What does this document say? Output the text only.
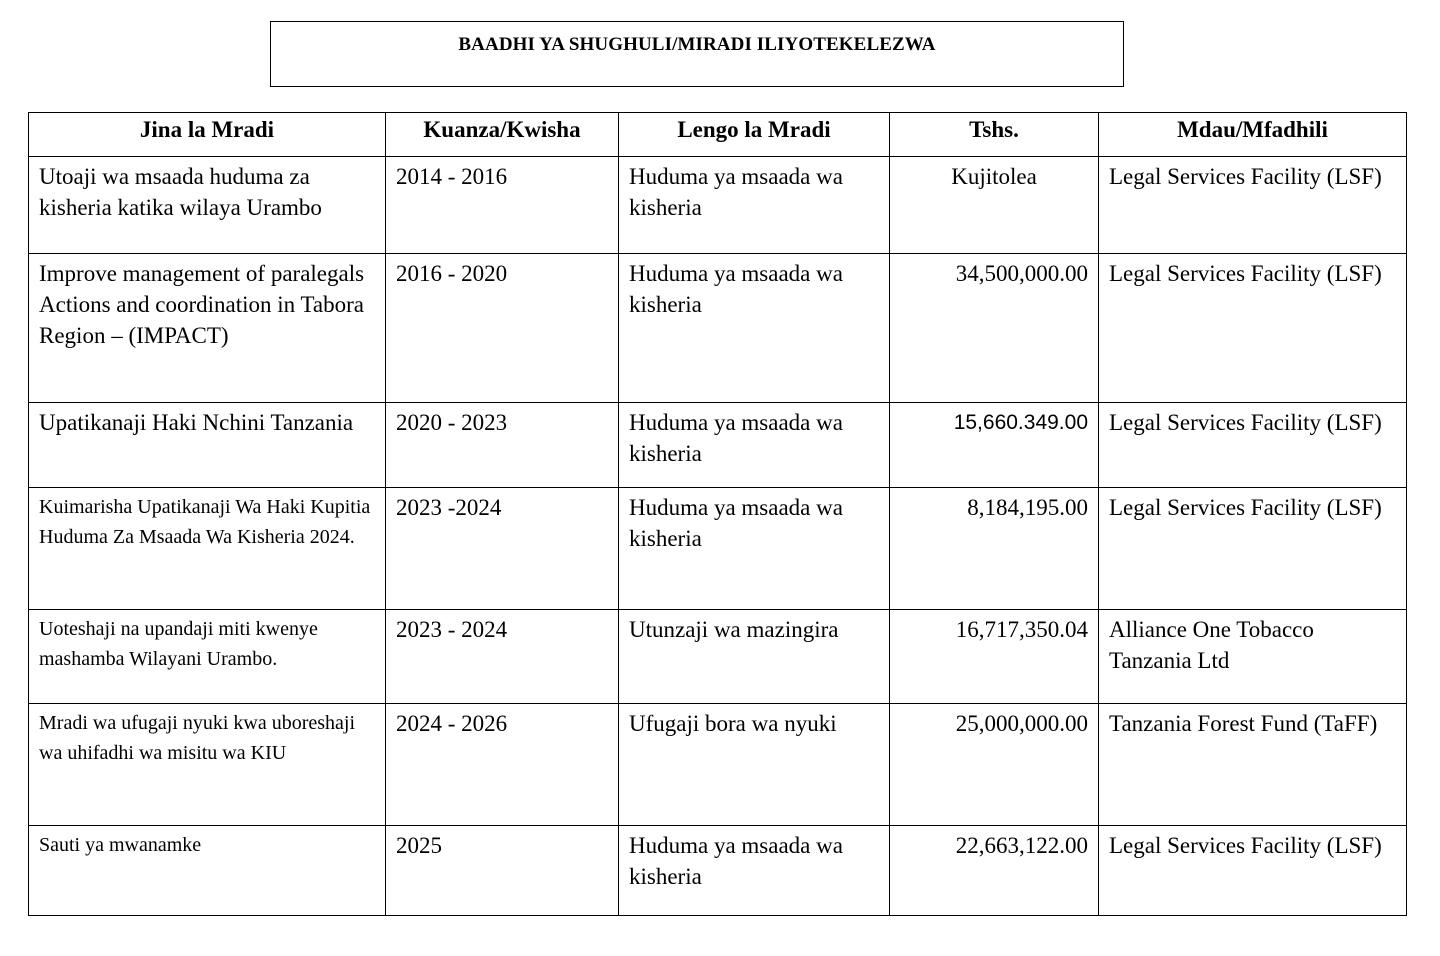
BAADHI YA SHUGHULI/MIRADI ILIYOTEKELEZWA
Jina la Mradi	Kuanza/Kwisha	Lengo la Mradi	Tshs.	Mdau/Mfadhili
Utoaji wa msaada huduma za kisheria katika wilaya Urambo	2014 - 2016	Huduma ya msaada wa kisheria	Kujitolea	Legal Services Facility (LSF)
Improve management of paralegals Actions and coordination in Tabora Region – (IMPACT)	2016 - 2020	Huduma ya msaada wa kisheria	34,500,000.00	Legal Services Facility (LSF)
Upatikanaji Haki Nchini Tanzania	2020 - 2023	Huduma ya msaada wa kisheria	15,660.349.00	Legal Services Facility (LSF)
Kuimarisha Upatikanaji Wa Haki Kupitia Huduma Za Msaada Wa Kisheria 2024.	2023 -2024	Huduma ya msaada wa kisheria	8,184,195.00	Legal Services Facility (LSF)
Uoteshaji na upandaji miti kwenye mashamba Wilayani Urambo.	2023 - 2024	Utunzaji wa mazingira	16,717,350.04	Alliance One Tobacco Tanzania Ltd
Mradi wa ufugaji nyuki kwa uboreshaji wa uhifadhi wa misitu wa KIU	2024 - 2026	Ufugaji bora wa nyuki	25,000,000.00	Tanzania Forest Fund (TaFF)
Sauti ya mwanamke	2025	Huduma ya msaada wa kisheria	22,663,122.00	Legal Services Facility (LSF)
